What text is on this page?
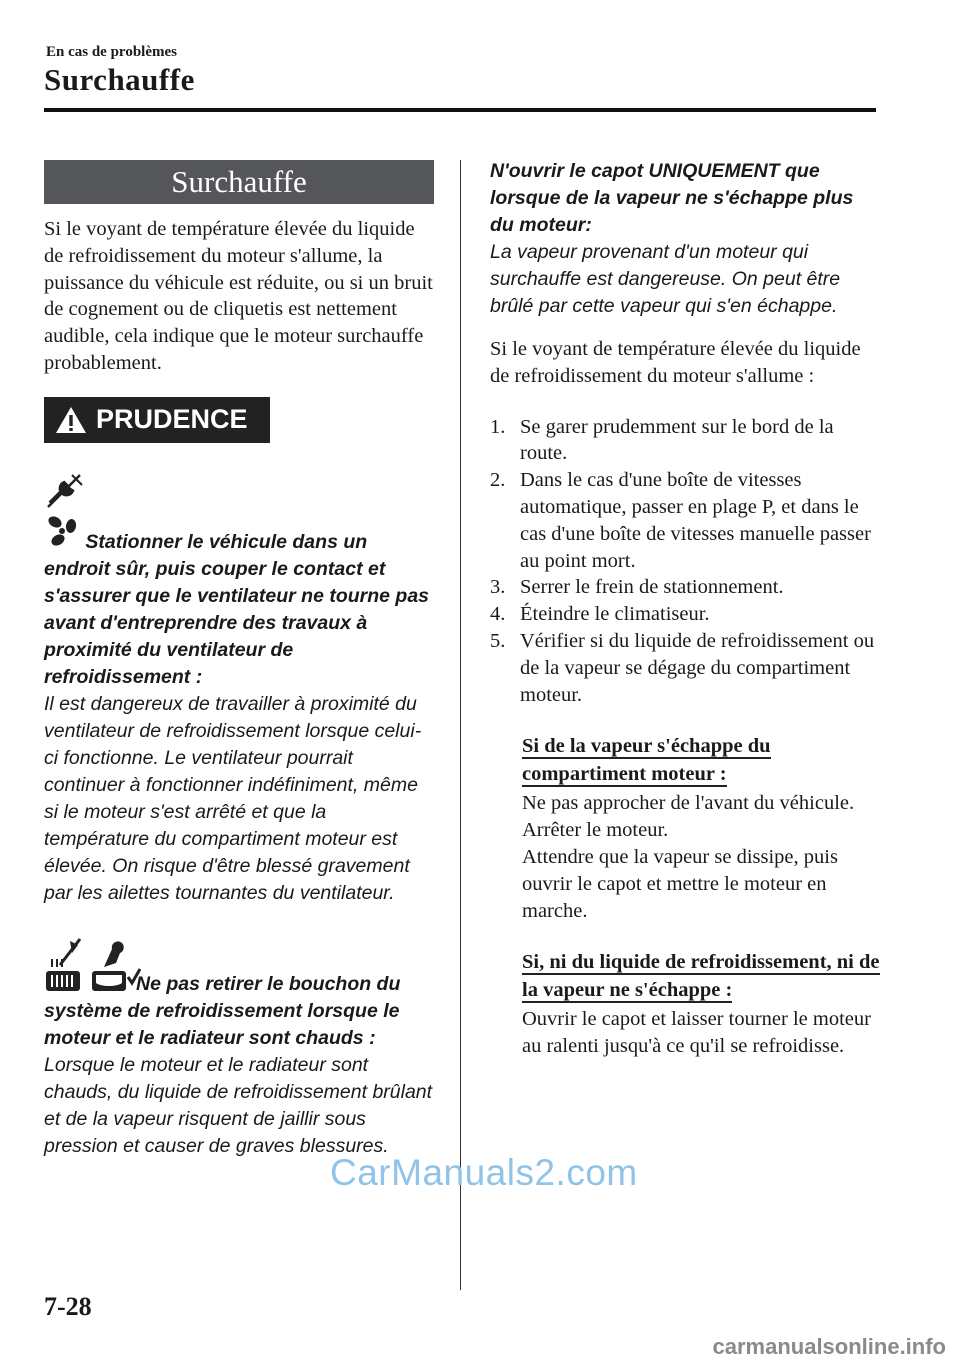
En cas de problèmes
Surchauffe
Surchauffe

Si le voyant de température élevée du liquide de refroidissement du moteur s'allume, la puissance du véhicule est réduite, ou si un bruit de cognement ou de cliquetis est nettement audible, cela indique que le moteur surchauffe probablement.

PRUDENCE
Stationner le véhicule dans un endroit sûr, puis couper le contact et s'assurer que le ventilateur ne tourne pas avant d'entreprendre des travaux à proximité du ventilateur de refroidissement :
Il est dangereux de travailler à proximité du ventilateur de refroidissement lorsque celui-ci fonctionne. Le ventilateur pourrait continuer à fonctionner indéfiniment, même si le moteur s'est arrêté et que la température du compartiment moteur est élevée. On risque d'être blessé gravement par les ailettes tournantes du ventilateur.
Ne pas retirer le bouchon du système de refroidissement lorsque le moteur et le radiateur sont chauds :
Lorsque le moteur et le radiateur sont chauds, du liquide de refroidissement brûlant et de la vapeur risquent de jaillir sous pression et causer de graves blessures.
N'ouvrir le capot UNIQUEMENT que lorsque de la vapeur ne s'échappe plus du moteur:
La vapeur provenant d'un moteur qui surchauffe est dangereuse. On peut être brûlé par cette vapeur qui s'en échappe.

Si le voyant de température élevée du liquide de refroidissement du moteur s'allume :

1. Se garer prudemment sur le bord de la route.
2. Dans le cas d'une boîte de vitesses automatique, passer en plage P, et dans le cas d'une boîte de vitesses manuelle passer au point mort.
3. Serrer le frein de stationnement.
4. Éteindre le climatiseur.
5. Vérifier si du liquide de refroidissement ou de la vapeur se dégage du compartiment moteur.
Si de la vapeur s'échappe du compartiment moteur :
Ne pas approcher de l'avant du véhicule. Arrêter le moteur.
Attendre que la vapeur se dissipe, puis ouvrir le capot et mettre le moteur en marche.
Si, ni du liquide de refroidissement, ni de la vapeur ne s'échappe :
Ouvrir le capot et laisser tourner le moteur au ralenti jusqu'à ce qu'il se refroidisse.
CarManuals2.com
7-28
carmanualsonline.info
